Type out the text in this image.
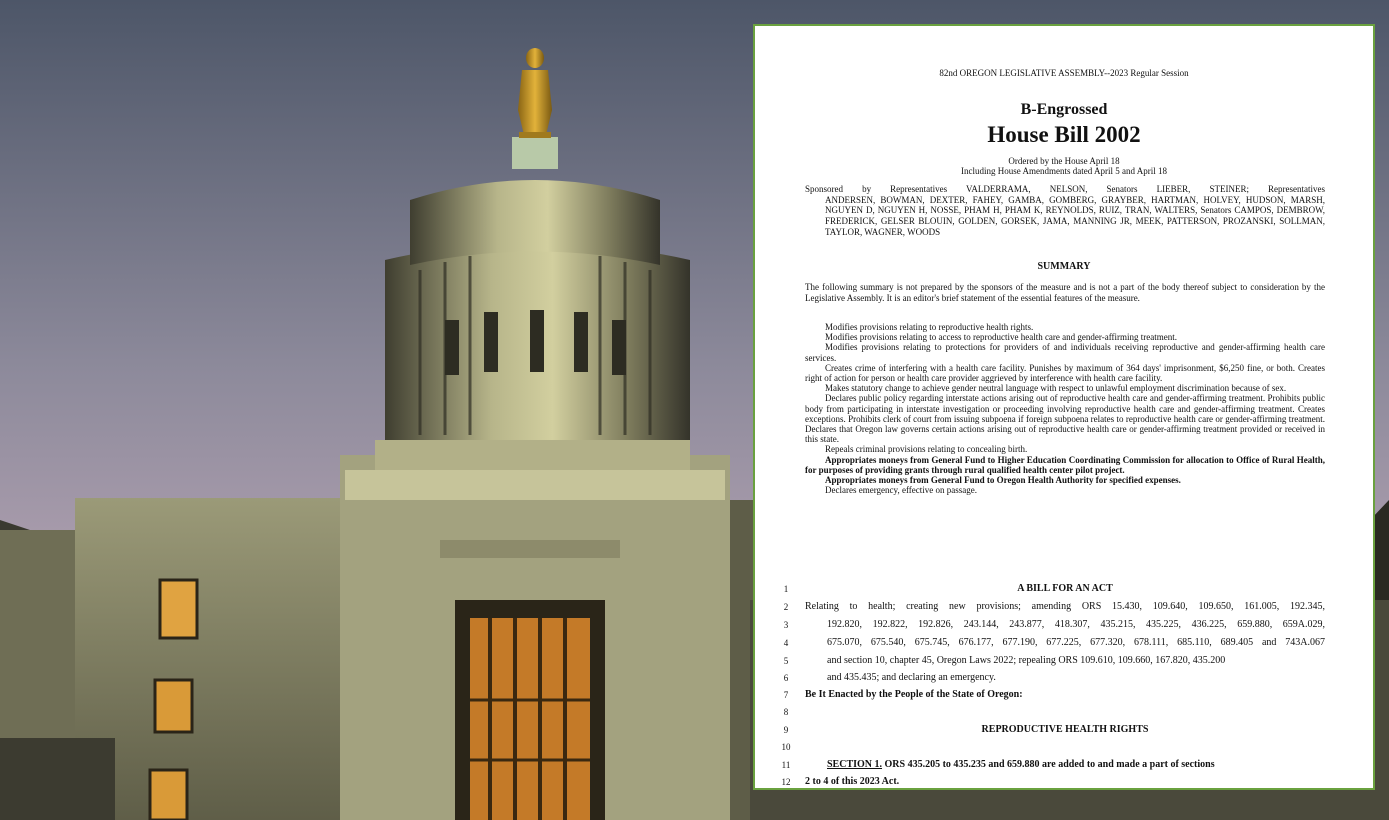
82nd OREGON LEGISLATIVE ASSEMBLY--2023 Regular Session
B-Engrossed
House Bill 2002
Ordered by the House April 18
Including House Amendments dated April 5 and April 18
Sponsored by Representatives VALDERRAMA, NELSON, Senators LIEBER, STEINER; Representatives
ANDERSEN, BOWMAN, DEXTER, FAHEY, GAMBA, GOMBERG, GRAYBER, HARTMAN, HOLVEY, HUDSON, MARSH, NGUYEN D, NGUYEN H, NOSSE, PHAM H, PHAM K, REYNOLDS, RUIZ, TRAN, WALTERS, Senators CAMPOS, DEMBROW, FREDERICK, GELSER BLOUIN, GOLDEN, GORSEK, JAMA, MANNING JR, MEEK, PATTERSON, PROZANSKI, SOLLMAN, TAYLOR, WAGNER, WOODS
SUMMARY
The following summary is not prepared by the sponsors of the measure and is not a part of the body thereof subject to consideration by the Legislative Assembly. It is an editor's brief statement of the essential features of the measure.

Modifies provisions relating to reproductive health rights.

Modifies provisions relating to access to reproductive health care and gender-affirming treatment.

Modifies provisions relating to protections for providers of and individuals receiving reproductive and gender-affirming health care services.

Creates crime of interfering with a health care facility. Punishes by maximum of 364 days' imprisonment, $6,250 fine, or both. Creates right of action for person or health care provider aggrieved by interference with health care facility.

Makes statutory change to achieve gender neutral language with respect to unlawful employment discrimination because of sex.

Declares public policy regarding interstate actions arising out of reproductive health care and gender-affirming treatment. Prohibits public body from participating in interstate investigation or proceeding involving reproductive health care and gender-affirming treatment. Creates exceptions. Prohibits clerk of court from issuing subpoena if foreign subpoena relates to reproductive health care or gender-affirming treatment. Declares that Oregon law governs certain actions arising out of reproductive health care or gender-affirming treatment provided or received in this state.

Repeals criminal provisions relating to concealing birth.

Appropriates moneys from General Fund to Higher Education Coordinating Commission for allocation to Office of Rural Health, for purposes of providing grants through rural qualified health center pilot project.

Appropriates moneys from General Fund to Oregon Health Authority for specified expenses.

Declares emergency, effective on passage.

1	A BILL FOR AN ACT
2	Relating to health; creating new provisions; amending ORS 15.430, 109.640, 109.650, 161.005, 192.345,
3	192.820, 192.822, 192.826, 243.144, 243.877, 418.307, 435.215, 435.225, 436.225, 659.880, 659A.029,
4	675.070, 675.540, 675.745, 676.177, 677.190, 677.225, 677.320, 678.111, 685.110, 689.405 and 743A.067
5	and section 10, chapter 45, Oregon Laws 2022; repealing ORS 109.610, 109.660, 167.820, 435.200
6	and 435.435; and declaring an emergency.
7	Be It Enacted by the People of the State of Oregon:
8
9	REPRODUCTIVE HEALTH RIGHTS
10
11	SECTION 1. ORS 435.205 to 435.235 and 659.880 are added to and made a part of sections
12 2 to 4 of this 2023 Act.
